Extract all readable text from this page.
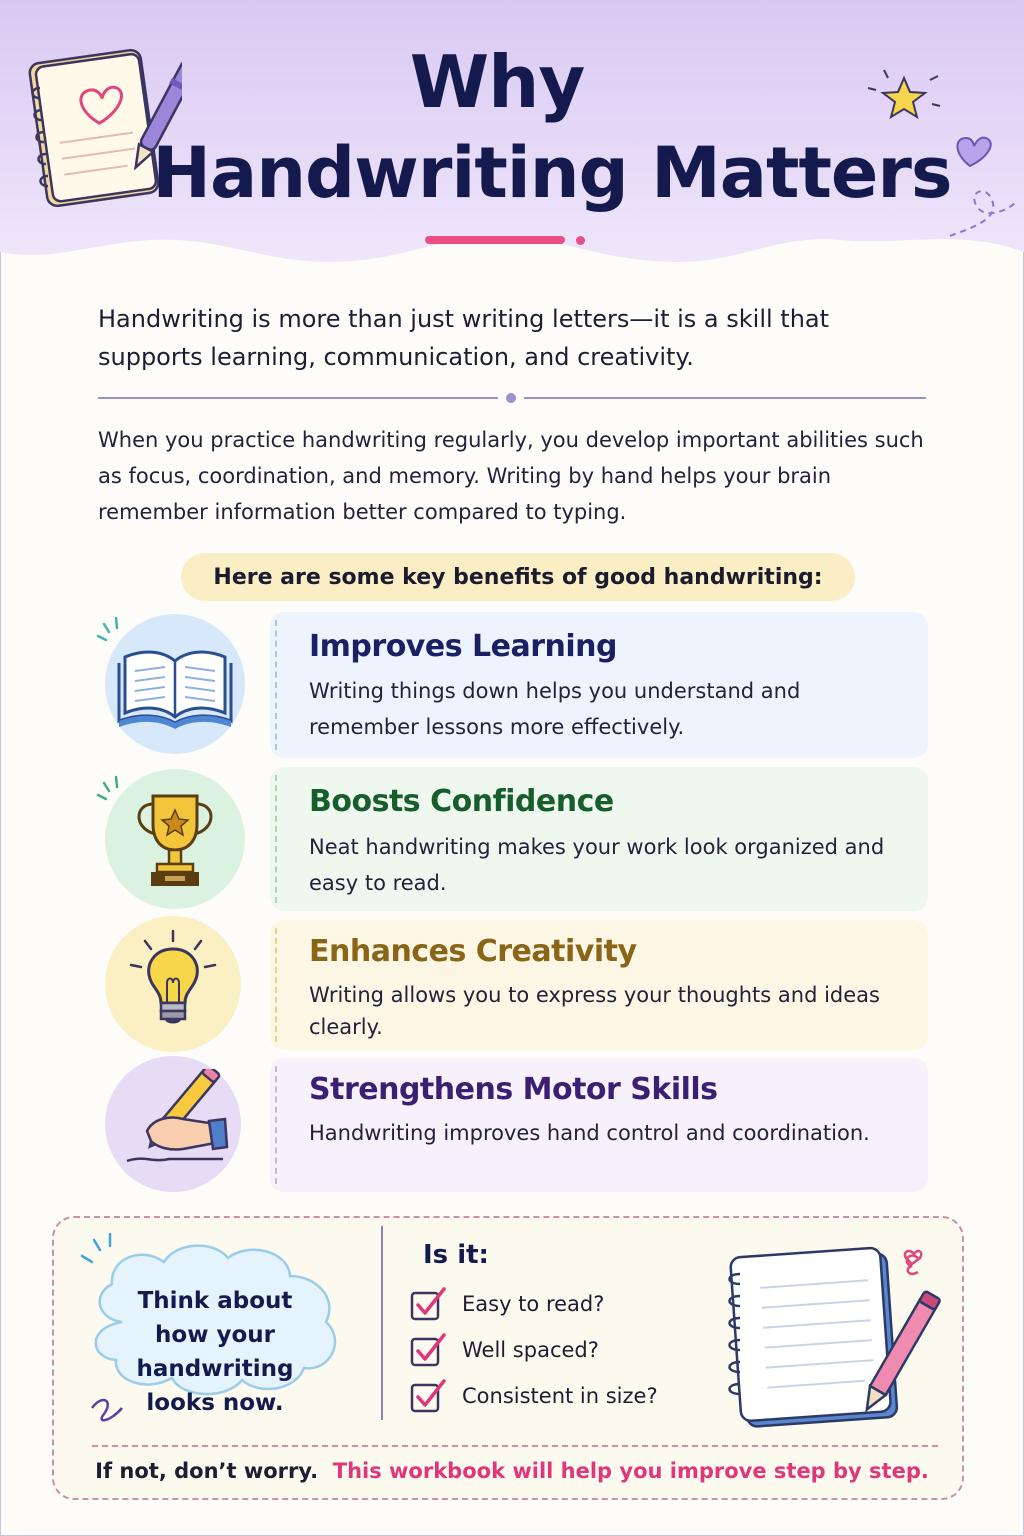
Why
Handwriting Matters
Handwriting is more than just writing letters—it is a skill that supports learning, communication, and creativity.
When you practice handwriting regularly, you develop important abilities such as focus, coordination, and memory. Writing by hand helps your brain remember information better compared to typing.
Here are some key benefits of good handwriting:
Improves Learning
Writing things down helps you understand and remember lessons more effectively.
Boosts Confidence
Neat handwriting makes your work look organized and easy to read.
Enhances Creativity
Writing allows you to express your thoughts and ideas clearly.
Strengthens Motor Skills
Handwriting improves hand control and coordination.
Think about how your handwriting looks now.
Is it:
Easy to read?
Well spaced?
Consistent in size?
If not, don’t worry. This workbook will help you improve step by step.
